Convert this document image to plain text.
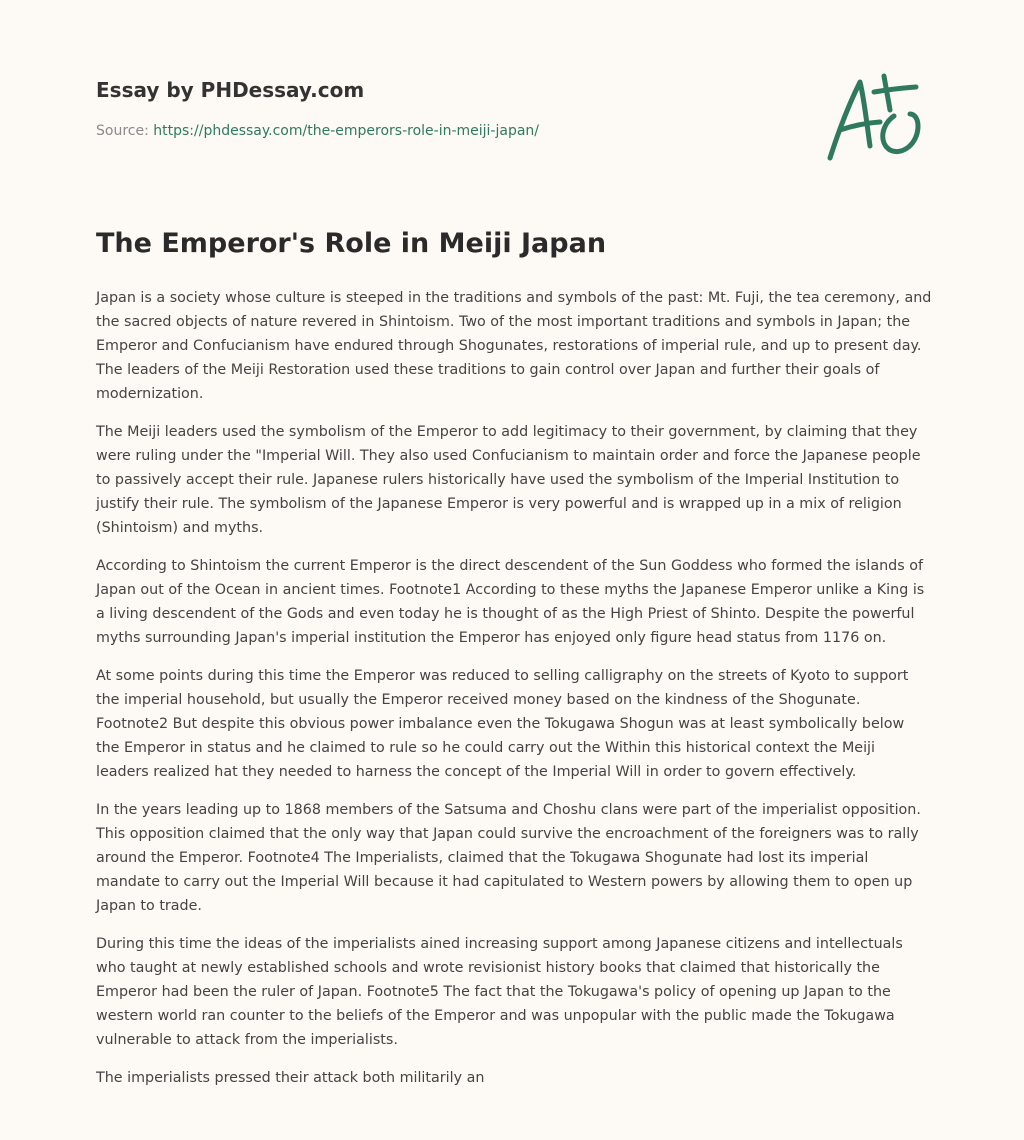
Essay by PHDessay.com
Source: https://phdessay.com/the-emperors-role-in-meiji-japan/
The Emperor's Role in Meiji Japan

Japan is a society whose culture is steeped in the traditions and symbols of the past: Mt. Fuji, the tea ceremony, and the sacred objects of nature revered in Shintoism. Two of the most important traditions and symbols in Japan; the Emperor and Confucianism have endured through Shogunates, restorations of imperial rule, and up to present day. The leaders of the Meiji Restoration used these traditions to gain control over Japan and further their goals of modernization.

The Meiji leaders used the symbolism of the Emperor to add legitimacy to their government, by claiming that they were ruling under the "Imperial Will. They also used Confucianism to maintain order and force the Japanese people to passively accept their rule. Japanese rulers historically have used the symbolism of the Imperial Institution to justify their rule. The symbolism of the Japanese Emperor is very powerful and is wrapped up in a mix of religion (Shintoism) and myths.

According to Shintoism the current Emperor is the direct descendent of the Sun Goddess who formed the islands of Japan out of the Ocean in ancient times. Footnote1 According to these myths the Japanese Emperor unlike a King is a living descendent of the Gods and even today he is thought of as the High Priest of Shinto. Despite the powerful myths surrounding Japan's imperial institution the Emperor has enjoyed only figure head status from 1176 on.

At some points during this time the Emperor was reduced to selling calligraphy on the streets of Kyoto to support the imperial household, but usually the Emperor received money based on the kindness of the Shogunate. Footnote2 But despite this obvious power imbalance even the Tokugawa Shogun was at least symbolically below the Emperor in status and he claimed to rule so he could carry out the Within this historical context the Meiji leaders realized hat they needed to harness the concept of the Imperial Will in order to govern effectively.

In the years leading up to 1868 members of the Satsuma and Choshu clans were part of the imperialist opposition. This opposition claimed that the only way that Japan could survive the encroachment of the foreigners was to rally around the Emperor. Footnote4 The Imperialists, claimed that the Tokugawa Shogunate had lost its imperial mandate to carry out the Imperial Will because it had capitulated to Western powers by allowing them to open up Japan to trade.

During this time the ideas of the imperialists ained increasing support among Japanese citizens and intellectuals who taught at newly established schools and wrote revisionist history books that claimed that historically the Emperor had been the ruler of Japan. Footnote5 The fact that the Tokugawa's policy of opening up Japan to the western world ran counter to the beliefs of the Emperor and was unpopular with the public made the Tokugawa vulnerable to attack from the imperialists.

The imperialists pressed their attack both militarily an
